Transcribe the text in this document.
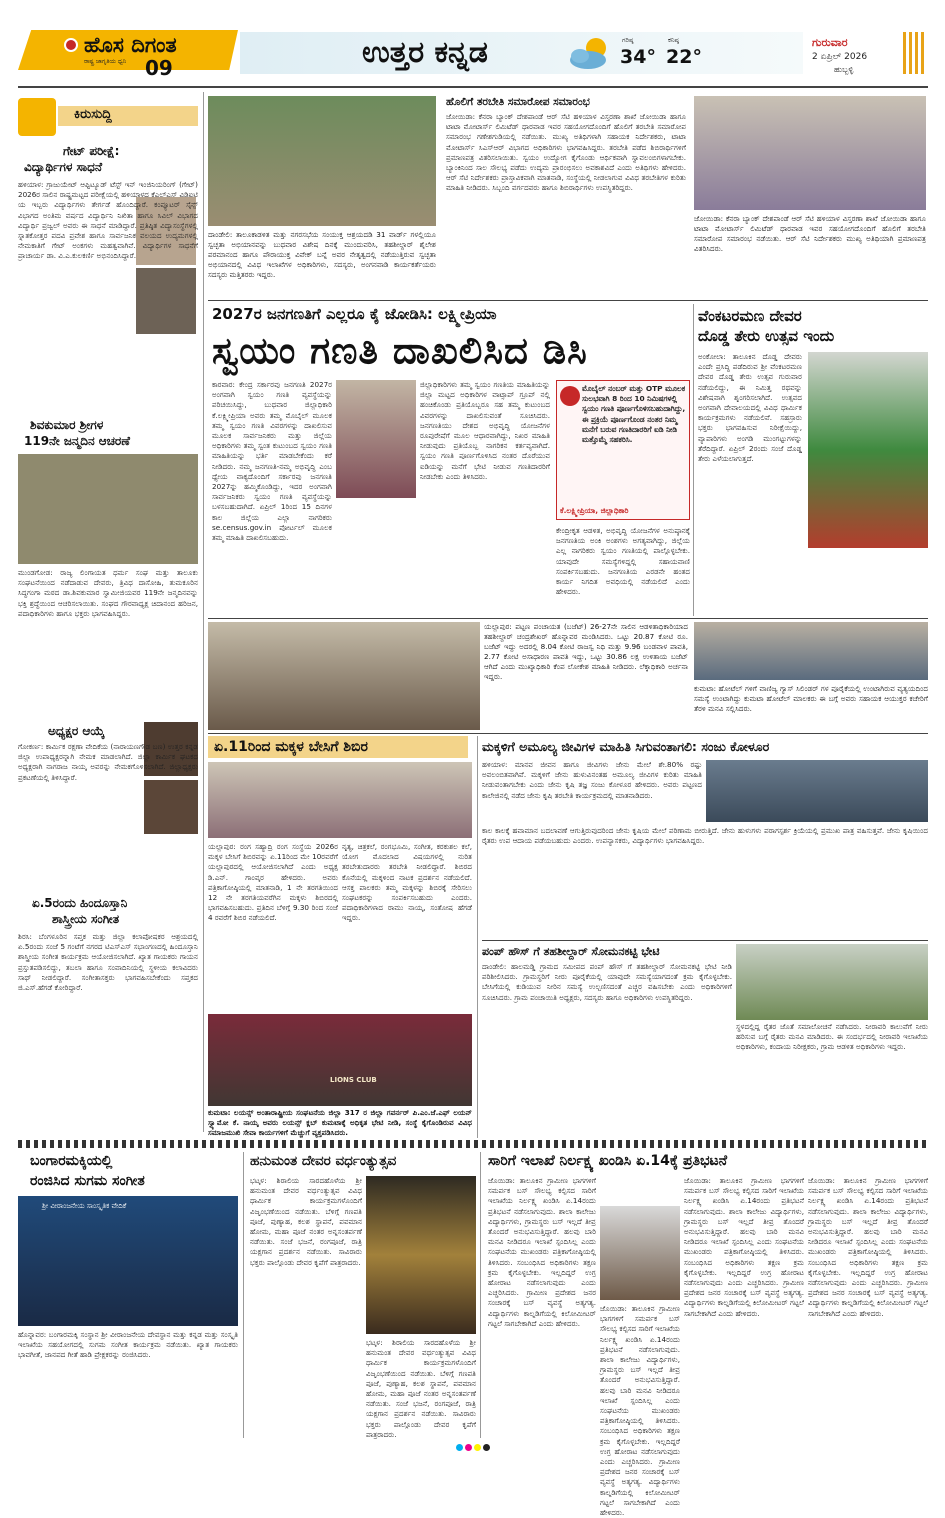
ಹೊಸ ದಿಗಂತ
ರಾಷ್ಟ್ರ ಜಾಗೃತಿಯ ಧ್ವನಿ 09	ಉತ್ತರ ಕನ್ನಡ	ಗರಿಷ್ಠ
34°
ಕನಿಷ್ಠ
22°
ಗುರುವಾರ
2 ಏಪ್ರಿಲ್ 2026
ಹುಬ್ಬಳ್ಳಿ
ಕಿರುಸುದ್ದಿ
ಗೇಟ್ ಪರೀಕ್ಷೆ:
ವಿದ್ಯಾರ್ಥಿಗಳ ಸಾಧನೆ
ಹಳಿಯಾಳ: ಗ್ರಾಜುಯೇಟ್ ಆಪ್ಟಿಟ್ಯೂಡ್ ಟೆಸ್ಟ್ ಇನ್ ಇಂಜಿನಿಯರಿಂಗ್ (ಗೇಟ್) 2026ರ ಸಾಲಿನ ರಾಷ್ಟ್ರಮಟ್ಟದ ಪರೀಕ್ಷೆಯಲ್ಲಿ ಹಳಿಯಾಳದ ಕೆಎಲ್ಎಸ್ ವಿಡಿಐಟಿ ಯ ಇಬ್ಬರು ವಿದ್ಯಾರ್ಥಿಗಳು ತೇರ್ಗಡೆ ಹೊಂದಿದ್ದಾರೆ. ಕಂಪ್ಯೂಟರ್ ಸೈನ್ಸ್ ವಿಭಾಗದ ಅಂತಿಮ ವರ್ಷದ ವಿದ್ಯಾರ್ಥಿನಿ ನಿಖಿತಾ ಹಾಗೂ ಸಿವಿಲ್ ವಿಭಾಗದ ವಿದ್ಯಾರ್ಥಿ ಪ್ರಜ್ವಲ್ ಅವರು ಈ ಸಾಧನೆ ಮಾಡಿದ್ದಾರೆ. ಪ್ರತಿಷ್ಠಿತ ವಿದ್ಯಾಸಂಸ್ಥೆಗಳಲ್ಲಿ ಸ್ನಾತಕೋತ್ತರ ಪದವಿ ಪ್ರವೇಶ ಹಾಗೂ ಸಾರ್ವಜನಿಕ ವಲಯದ ಉದ್ಯಮಗಳಲ್ಲಿ ನೇಮಕಾತಿಗೆ ಗೇಟ್ ಅಂಕಗಳು ಮಹತ್ವವಾಗಿವೆ. ವಿದ್ಯಾರ್ಥಿಗಳ ಸಾಧನೆಗೆ ಪ್ರಾಚಾರ್ಯ ಡಾ. ವಿ.ಎ.ಕುಲಕರ್ಣಿ ಅಭಿನಂದಿಸಿದ್ದಾರೆ.
ಶಿವಕುಮಾರ ಶ್ರೀಗಳ
119ನೇ ಜನ್ಮದಿನ ಆಚರಣೆ
ಮುಂಡಗೋಡ: ರಾಜ್ಯ ಲಿಂಗಾಯತ ಧರ್ಮ ಸಂಘ ಮತ್ತು ತಾಲೂಕು ಸಂಘಟನೆಯಿಂದ ನಡೆದಾಡುವ ದೇವರು, ತ್ರಿವಿಧ ದಾಸೋಹಿ, ತುಮಕೂರಿನ ಸಿದ್ಧಗಂಗಾ ಮಠದ ಡಾ.ಶಿವಕುಮಾರ ಸ್ವಾಮೀಜಿಯವರ 119ನೇ ಜನ್ಮದಿನವನ್ನು ಭಕ್ತಿ ಶ್ರದ್ಧೆಯಿಂದ ಆಚರಿಸಲಾಯಿತು. ಸಂಘದ ಗೌರವಾಧ್ಯಕ್ಷ ಚಿದಾನಂದ ಹರಿಜನ, ಪದಾಧಿಕಾರಿಗಳು ಹಾಗೂ ಭಕ್ತರು ಭಾಗವಹಿಸಿದ್ದರು.
ಅಧ್ಯಕ್ಷರ ಆಯ್ಕೆ
ಗೋಕರ್ಣ: ಕಾರ್ಮಿಕ ರಕ್ಷಣಾ ವೇದಿಕೆಯ (ನಾರಾಯಣಗೌಡ ಬಣ) ಉತ್ತರ ಕನ್ನಡ ಜಿಲ್ಲಾ ಉಪಾಧ್ಯಕ್ಷರನ್ನಾಗಿ ನೇಮಕ ಮಾಡಲಾಗಿದೆ. ಜಿಲ್ಲಾ ಕಾರ್ಮಿಕ ಘಟಕದ ಅಧ್ಯಕ್ಷರಾಗಿ ನಾಗರಾಜ ನಾಯ್ಕ ಅವರನ್ನು ನೇಮಕಗೊಳಿಸಲಾಗಿದೆ. ಜಿಲ್ಲಾಧ್ಯಕ್ಷರು ಪ್ರಕಟಣೆಯಲ್ಲಿ ತಿಳಿಸಿದ್ದಾರೆ.
ಏ.5ರಂದು ಹಿಂದೂಸ್ತಾನಿ
ಶಾಸ್ತ್ರೀಯ ಸಂಗೀತ
ಶಿರಸಿ: ಬೆಂಗಳೂರಿನ ಸಪ್ತಕ ಮತ್ತು ಜಿಲ್ಲಾ ಕಲಾಪೋಷಕರ ಆಶ್ರಯದಲ್ಲಿ ಏ.5ರಂದು ಸಂಜೆ 5 ಗಂಟೆಗೆ ನಗರದ ಟಿಎಸ್ಎಸ್ ಸಭಾಂಗಣದಲ್ಲಿ ಹಿಂದೂಸ್ತಾನಿ ಶಾಸ್ತ್ರೀಯ ಸಂಗೀತ ಕಾರ್ಯಕ್ರಮ ಆಯೋಜಿಸಲಾಗಿದೆ. ಖ್ಯಾತ ಗಾಯಕರು ಗಾಯನ ಪ್ರಸ್ತುತಪಡಿಸಲಿದ್ದು, ತಬಲಾ ಹಾಗೂ ಸಂವಾದಿನಿಯಲ್ಲಿ ಸ್ಥಳೀಯ ಕಲಾವಿದರು ಸಾಥ್ ನೀಡಲಿದ್ದಾರೆ. ಸಂಗೀತಾಸಕ್ತರು ಭಾಗವಹಿಸಬೇಕೆಂದು ಸಪ್ತಕದ ಜಿ.ಎಸ್.ಹೆಗಡೆ ಕೋರಿದ್ದಾರೆ.
ದಾಂಡೇಲಿ: ತಾಲೂಕಾಡಳಿತ ಮತ್ತು ನಗರಸಭೆಯ ಸಂಯುಕ್ತ ಆಶ್ರಯದಡಿ 31 ವಾರ್ಡ್ ಗಳಲ್ಲಿಯೂ ಸ್ವಚ್ಛತಾ ಅಭಿಯಾನವನ್ನು ಬುಧವಾರ ವಿಶೇಷ ದಿನಕ್ಕೆ ಮುಂದುವರಿಸಿ, ತಹಶೀಲ್ದಾರ್ ಶೈಲೇಶ ಪರಮಾನಂದ ಹಾಗೂ ಪೌರಾಯುಕ್ತ ವಿವೇಕ್ ಬನ್ನೆ ಅವರ ನೇತೃತ್ವದಲ್ಲಿ ನಡೆಯುತ್ತಿರುವ ಸ್ವಚ್ಛತಾ ಅಭಿಯಾನದಲ್ಲಿ ವಿವಿಧ ಇಲಾಖೆಗಳ ಅಧಿಕಾರಿಗಳು, ಸದಸ್ಯರು, ಅಂಗನವಾಡಿ ಕಾರ್ಯಕರ್ತೆಯರು ಸದಸ್ಯರು ಮತ್ತಿತರರು ಇದ್ದರು.
ಹೊಲಿಗೆ ತರಬೇತಿ ಸಮಾರೋಪ ಸಮಾರಂಭ
ಜೋಯಿಡಾ: ಕೆನರಾ ಬ್ಯಾಂಕ್ ದೇಶಪಾಂಡೆ ಆರ್ ಸೆಟಿ ಹಳಿಯಾಳ ವಿಸ್ತರಣಾ ಶಾಖೆ ಜೋಯಿಡಾ ಹಾಗೂ ಟಾಟಾ ಮೋಟಾರ್ಸ್ ಲಿಮಿಟೆಡ್ ಧಾರವಾಡ ಇವರ ಸಹಯೋಗದೊಂದಿಗೆ ಹೊಲಿಗೆ ತರಬೇತಿ ಸಮಾರೋಪ ಸಮಾರಂಭ ಗಣೇಶಗುಡಿಯಲ್ಲಿ ನಡೆಯಿತು. ಮುಖ್ಯ ಅತಿಥಿಗಳಾಗಿ ಸಹಾಯಕ ನಿರ್ದೇಶಕರು, ಟಾಟಾ ಮೋಟಾರ್ಸ್ ಸಿಎಸ್ಆರ್ ವಿಭಾಗದ ಅಧಿಕಾರಿಗಳು ಭಾಗವಹಿಸಿದ್ದರು. ತರಬೇತಿ ಪಡೆದ ಶಿಬಿರಾರ್ಥಿಗಳಿಗೆ ಪ್ರಮಾಣಪತ್ರ ವಿತರಿಸಲಾಯಿತು. ಸ್ವಯಂ ಉದ್ಯೋಗ ಕೈಗೊಂಡು ಆರ್ಥಿಕವಾಗಿ ಸ್ವಾವಲಂಬಿಗಳಾಗಬೇಕು. ಬ್ಯಾಂಕಿನಿಂದ ಸಾಲ ಸೌಲಭ್ಯ ಪಡೆದು ಉದ್ಯಮ ಪ್ರಾರಂಭಿಸಲು ಅವಕಾಶವಿದೆ ಎಂದು ಅತಿಥಿಗಳು ಹೇಳಿದರು. ಆರ್ ಸೆಟಿ ನಿರ್ದೇಶಕರು ಪ್ರಾಸ್ತಾವಿಕವಾಗಿ ಮಾತನಾಡಿ, ಸಂಸ್ಥೆಯಲ್ಲಿ ನೀಡಲಾಗುವ ವಿವಿಧ ತರಬೇತಿಗಳ ಕುರಿತು ಮಾಹಿತಿ ನೀಡಿದರು. ಸಿಬ್ಬಂದಿ ವರ್ಗದವರು ಹಾಗೂ ಶಿಬಿರಾರ್ಥಿಗಳು ಉಪಸ್ಥಿತರಿದ್ದರು.
ಜೋಯಿಡಾ: ಕೆನರಾ ಬ್ಯಾಂಕ್ ದೇಶಪಾಂಡೆ ಆರ್ ಸೆಟಿ ಹಳಿಯಾಳ ವಿಸ್ತರಣಾ ಶಾಖೆ ಜೋಯಿಡಾ ಹಾಗೂ ಟಾಟಾ ಮೋಟಾರ್ಸ್ ಲಿಮಿಟೆಡ್ ಧಾರವಾಡ ಇವರ ಸಹಯೋಗದೊಂದಿಗೆ ಹೊಲಿಗೆ ತರಬೇತಿ ಸಮಾರೋಪ ಸಮಾರಂಭ ನಡೆಯಿತು. ಆರ್ ಸೆಟಿ ನಿರ್ದೇಶಕರು ಮುಖ್ಯ ಅತಿಥಿಯಾಗಿ ಪ್ರಮಾಣಪತ್ರ ವಿತರಿಸಿದರು.
2027ರ ಜನಗಣತಿಗೆ ಎಲ್ಲರೂ ಕೈ ಜೋಡಿಸಿ: ಲಕ್ಷ್ಮೀಪ್ರಿಯಾ
ಸ್ವಯಂ ಗಣತಿ ದಾಖಲಿಸಿದ ಡಿಸಿ
ಕಾರವಾರ: ಕೇಂದ್ರ ಸರ್ಕಾರವು ಜನಗಣತಿ 2027ರ ಅಂಗವಾಗಿ ಸ್ವಯಂ ಗಣತಿ ವ್ಯವಸ್ಥೆಯನ್ನು ಪರಿಚಯಿಸಿದ್ದು, ಬುಧವಾರ ಜಿಲ್ಲಾಧಿಕಾರಿ ಕೆ.ಲಕ್ಷ್ಮೀಪ್ರಿಯಾ ಅವರು ತಮ್ಮ ಮೊಬೈಲ್ ಮೂಲಕ ತಮ್ಮ ಸ್ವಯಂ ಗಣತಿ ವಿವರಗಳನ್ನು ದಾಖಲಿಸುವ ಮೂಲಕ ಸಾರ್ವಜನಿಕರು ಮತ್ತು ಜಿಲ್ಲೆಯ ಅಧಿಕಾರಿಗಳು ತಮ್ಮ ಸ್ವಂತ ಕುಟುಂಬದ ಸ್ವಯಂ ಗಣತಿ ಮಾಹಿತಿಯನ್ನು ಭರ್ತಿ ಮಾಡಬೇಕೆಂದು ಕರೆ ನೀಡಿದರು. ನಮ್ಮ ಜನಗಣತಿ-ನಮ್ಮ ಅಭಿವೃದ್ಧಿ ಎಂಬ ಧ್ಯೇಯ ವಾಕ್ಯದೊಂದಿಗೆ ಸರ್ಕಾರವು ಜನಗಣತಿ 2027ನ್ನು ಹಮ್ಮಿಕೊಂಡಿದ್ದು, ಇದರ ಅಂಗವಾಗಿ ಸಾರ್ವಜನಿಕರು ಸ್ವಯಂ ಗಣತಿ ವ್ಯವಸ್ಥೆಯನ್ನು ಬಳಸಬಹುದಾಗಿದೆ. ಏಪ್ರಿಲ್ 1ರಿಂದ 15 ದಿನಗಳ ಕಾಲ ಜಿಲ್ಲೆಯ ಎಲ್ಲಾ ನಾಗರಿಕರು se.census.gov.in ಪೋರ್ಟಲ್ ಮೂಲಕ ತಮ್ಮ ಮಾಹಿತಿ ದಾಖಲಿಸಬಹುದು.
ಜಿಲ್ಲಾಧಿಕಾರಿಗಳು ತಮ್ಮ ಸ್ವಯಂ ಗಣತಿಯ ಮಾಹಿತಿಯನ್ನು ಜಿಲ್ಲಾ ಮಟ್ಟದ ಅಧಿಕಾರಿಗಳ ವಾಟ್ಸಾಪ್ ಗ್ರೂಪ್ ನಲ್ಲಿ ಹಂಚಿಕೊಂಡು ಪ್ರತಿಯೊಬ್ಬರೂ ಸಹ ತಮ್ಮ ಕುಟುಂಬದ ವಿವರಗಳನ್ನು ದಾಖಲಿಸುವಂತೆ ಸೂಚಿಸಿದರು. ಜನಗಣತಿಯು ದೇಶದ ಅಭಿವೃದ್ಧಿ ಯೋಜನೆಗಳ ರೂಪುರೇಷೆಗೆ ಮೂಲ ಆಧಾರವಾಗಿದ್ದು, ನಿಖರ ಮಾಹಿತಿ ನೀಡುವುದು ಪ್ರತಿಯೊಬ್ಬ ನಾಗರಿಕನ ಕರ್ತವ್ಯವಾಗಿದೆ. ಸ್ವಯಂ ಗಣತಿ ಪೂರ್ಣಗೊಳಿಸಿದ ನಂತರ ದೊರೆಯುವ ಐಡಿಯನ್ನು ಮನೆಗೆ ಭೇಟಿ ನೀಡುವ ಗಣತಿದಾರರಿಗೆ ನೀಡಬೇಕು ಎಂದು ತಿಳಿಸಿದರು.
ಮೊಬೈಲ್ ನಂಬರ್ ಮತ್ತು OTP ಮೂಲಕ ಸುಲಭವಾಗಿ 8 ರಿಂದ 10 ನಿಮಿಷಗಳಲ್ಲಿ ಸ್ವಯಂ ಗಣತಿ ಪೂರ್ಣಗೊಳಿಸಬಹುದಾಗಿದ್ದು, ಈ ಪ್ರಕ್ರಿಯೆ ಪೂರ್ಣಗೊಂಡ ನಂತರ ನಿಮ್ಮ ಮನೆಗೆ ಬರುವ ಗಣತಿದಾರರಿಗೆ ಐಡಿ ನೀಡಿ ಮತ್ತೊಮ್ಮೆ ಸಹಕರಿಸಿ.
ಕೆ.ಲಕ್ಷ್ಮೀಪ್ರಿಯಾ, ಜಿಲ್ಲಾಧಿಕಾರಿ
ಕೇಂದ್ರೀಕೃತ ಆಡಳಿತ, ಅಭಿವೃದ್ಧಿ ಯೋಜನೆಗಳ ಅನುಷ್ಠಾನಕ್ಕೆ ಜನಗಣತಿಯ ಅಂಕಿ ಅಂಶಗಳು ಅಗತ್ಯವಾಗಿದ್ದು, ಜಿಲ್ಲೆಯ ಎಲ್ಲ ನಾಗರಿಕರು ಸ್ವಯಂ ಗಣತಿಯಲ್ಲಿ ಪಾಲ್ಗೊಳ್ಳಬೇಕು. ಯಾವುದೇ ಸಮಸ್ಯೆಗಳಿದ್ದಲ್ಲಿ ಸಹಾಯವಾಣಿ ಸಂಪರ್ಕಿಸಬಹುದು. ಜನಗಣತಿಯ ಎರಡನೇ ಹಂತದ ಕಾರ್ಯ ನಿಗದಿತ ಅವಧಿಯಲ್ಲಿ ನಡೆಯಲಿದೆ ಎಂದು ಹೇಳಿದರು.
ವೆಂಕಟರಮಣ ದೇವರ
ದೊಡ್ಡ ತೇರು ಉತ್ಸವ ಇಂದು
ಅಂಕೋಲಾ: ತಾಲೂಕಿನ ದೊಡ್ಡ ದೇವರು ಎಂದೇ ಪ್ರಸಿದ್ಧಿ ಪಡೆದಿರುವ ಶ್ರೀ ವೆಂಕಟರಮಣ ದೇವರ ದೊಡ್ಡ ತೇರು ಉತ್ಸವ ಗುರುವಾರ ನಡೆಯಲಿದ್ದು, ಈ ನಿಮಿತ್ತ ರಥವನ್ನು ವಿಶೇಷವಾಗಿ ಶೃಂಗರಿಸಲಾಗಿದೆ. ಉತ್ಸವದ ಅಂಗವಾಗಿ ದೇವಾಲಯದಲ್ಲಿ ವಿವಿಧ ಧಾರ್ಮಿಕ ಕಾರ್ಯಕ್ರಮಗಳು ನಡೆಯಲಿವೆ. ಸಹಸ್ರಾರು ಭಕ್ತರು ಭಾಗವಹಿಸುವ ನಿರೀಕ್ಷೆಯಿದ್ದು, ವ್ಯಾಪಾರಿಗಳು ಅಂಗಡಿ ಮುಂಗಟ್ಟುಗಳನ್ನು ತೆರೆದಿದ್ದಾರೆ. ಏಪ್ರಿಲ್ 2ರಂದು ಸಂಜೆ ದೊಡ್ಡ ತೇರು ಎಳೆಯಲಾಗುತ್ತದೆ.
ಯಲ್ಲಾಪುರ: ಪಟ್ಟಣ ಪಂಚಾಯತ (ಬಜೆಟ್) 26-27ನೇ ಸಾಲಿನ ಆಡಳಿತಾಧಿಕಾರಿಯಾದ ತಹಶೀಲ್ದಾರ್ ಚಂದ್ರಶೇಖರ್ ಹೊನ್ನಾವರ ಮಂಡಿಸಿದರು. ಒಟ್ಟು 20.87 ಕೋಟಿ ರೂ. ಬಜೆಟ್ ಇದ್ದು ಅದರಲ್ಲಿ 8.04 ಕೋಟಿ ರಾಜಸ್ವ ನಿಧಿ ಮತ್ತು 9.96 ಬಂಡವಾಳ ಪಾವತಿ, 2.77 ಕೋಟಿ ಅಸಾಧಾರಣ ಪಾವತಿ ಇದ್ದು, ಒಟ್ಟು 30.86 ಲಕ್ಷ ಉಳಿತಾಯ ಬಜೆಟ್ ಆಗಿದೆ ಎಂದು ಮುಖ್ಯಾಧಿಕಾರಿ ಕೆಂಪ ಲೋಕೇಶ ಮಾಹಿತಿ ನೀಡಿದರು. ಲೆಕ್ಕಾಧಿಕಾರಿ ಅರ್ಚನಾ ಇದ್ದರು.
ಕುಮಟಾ: ಹೋಟೆಲ್ ಗಳಿಗೆ ವಾಣಿಜ್ಯ ಗ್ಯಾಸ್ ಸಿಲಿಂಡರ್ ಗಳ ಪೂರೈಕೆಯಲ್ಲಿ ಉಂಟಾಗಿರುವ ವ್ಯತ್ಯಯದಿಂದ ಸಮಸ್ಯೆ ಉಂಟಾಗಿದ್ದು ಕುಮಟಾ ಹೋಟೆಲ್ ಮಾಲಕರು ಈ ಬಗ್ಗೆ ಅವರು ಸಹಾಯಕ ಆಯುಕ್ತರ ಕಚೇರಿಗೆ ತೆರಳಿ ಮನವಿ ಸಲ್ಲಿಸಿದರು.
ಏ.11ರಿಂದ ಮಕ್ಕಳ ಬೇಸಿಗೆ ಶಿಬಿರ
ಯಲ್ಲಾಪುರ: ರಂಗ ಸಹ್ಯಾದ್ರಿ ರಂಗ ಸಂಸ್ಥೆಯ 2026ರ ಮಕ್ಕಳ ಬೇಸಿಗೆ ಶಿಬಿರವನ್ನು ಏ.11ರಿಂದ ಮೇ 10ರವರೆಗೆ ಯಲ್ಲಾಪುರದಲ್ಲಿ ಆಯೋಜಿಸಲಾಗಿದೆ ಎಂದು ಅಧ್ಯಕ್ಷ ಡಿ.ಎನ್. ಗಾಂವ್ಕರ ಹೇಳಿದರು. ಅವರು ಪತ್ರಿಕಾಗೋಷ್ಠಿಯಲ್ಲಿ ಮಾತನಾಡಿ, 1 ನೇ ತರಗತಿಯಿಂದ 12 ನೇ ತರಗತಿಯವರೆಗಿನ ಮಕ್ಕಳು ಶಿಬಿರದಲ್ಲಿ ಭಾಗವಹಿಸಬಹುದು. ಪ್ರತಿದಿನ ಬೆಳಿಗ್ಗೆ 9.30 ರಿಂದ ಸಂಜೆ 4 ರವರೆಗೆ ಶಿಬಿರ ನಡೆಯಲಿದೆ.
ನೃತ್ಯ, ಚಿತ್ರಕಲೆ, ರಂಗಭೂಮಿ, ಸಂಗೀತ, ಕರಕುಶಲ ಕಲೆ, ಯೋಗ ಮೊದಲಾದ ವಿಷಯಗಳಲ್ಲಿ ನುರಿತ ತರಬೇತುದಾರರು ತರಬೇತಿ ನೀಡಲಿದ್ದಾರೆ. ಶಿಬಿರದ ಕೊನೆಯಲ್ಲಿ ಮಕ್ಕಳಿಂದ ನಾಟಕ ಪ್ರದರ್ಶನ ನಡೆಯಲಿದೆ. ಆಸಕ್ತ ಪಾಲಕರು ತಮ್ಮ ಮಕ್ಕಳನ್ನು ಶಿಬಿರಕ್ಕೆ ಸೇರಿಸಲು ಸಂಘಟಕರನ್ನು ಸಂಪರ್ಕಿಸಬಹುದು ಎಂದರು. ಪದಾಧಿಕಾರಿಗಳಾದ ರಾಮು ನಾಯ್ಕ, ಸಂತೋಷ ಹೆಗಡೆ ಇದ್ದರು.
LIONS CLUB
ಕುಮಟಾ: ಲಯನ್ಸ್ ಅಂತಾರಾಷ್ಟ್ರೀಯ ಸಂಘಟನೆಯ ಜಿಲ್ಲಾ 317 ರ ಜಿಲ್ಲಾ ಗವರ್ನರ್ ಪಿ.ಎಂ.ಜೆ.ಎಫ್ ಲಯನ್ ಸ್ವ್ಯಾಮೋ ಕೆ. ನಾಯ್ಕ ಅವರು ಲಯನ್ಸ್ ಕ್ಲಬ್ ಕುಮಟಾಕ್ಕೆ ಅಧಿಕೃತ ಭೇಟಿ ನೀಡಿ, ಸಂಸ್ಥೆ ಕೈಗೊಂಡಿರುವ ವಿವಿಧ ಸಮಾಜಮುಖಿ ಸೇವಾ ಕಾರ್ಯಗಳಿಗೆ ಮೆಚ್ಚುಗೆ ವ್ಯಕ್ತಪಡಿಸಿದರು.
ಮಕ್ಕಳಿಗೆ ಅಮೂಲ್ಯ ಜೀವಿಗಳ ಮಾಹಿತಿ ಸಿಗುವಂತಾಗಲಿ: ಸಂಜು ಕೋಳೂರ
ಹಳಿಯಾಳ: ಮಾನವ ಜೀವನ ಹಾಗೂ ಜೀವಿಗಳು ಜೇನು ಮೇಲೆ ಶೇ.80% ರಷ್ಟು ಅವಲಂಬಿತವಾಗಿವೆ. ಮಕ್ಕಳಿಗೆ ಜೇನು ಹುಳುವಿನಂತಹ ಅಮೂಲ್ಯ ಜೀವಿಗಳ ಕುರಿತು ಮಾಹಿತಿ ನೀಡುವಂತಾಗಬೇಕು ಎಂದು ಜೇನು ಕೃಷಿ ತಜ್ಞ ಸಂಜು ಕೋಳೂರ ಹೇಳಿದರು. ಅವರು ಪಟ್ಟಣದ ಕಾಲೇಜಿನಲ್ಲಿ ನಡೆದ ಜೇನು ಕೃಷಿ ತರಬೇತಿ ಕಾರ್ಯಕ್ರಮದಲ್ಲಿ ಮಾತನಾಡಿದರು.
ಕಾಲ ಕಾಲಕ್ಕೆ ಹವಾಮಾನ ಬದಲಾವಣೆ ಆಗುತ್ತಿರುವುದರಿಂದ ಜೇನು ಕೃಷಿಯ ಮೇಲೆ ಪರಿಣಾಮ ಬೀರುತ್ತಿದೆ. ಜೇನು ಹುಳುಗಳು ಪರಾಗಸ್ಪರ್ಶ ಕ್ರಿಯೆಯಲ್ಲಿ ಪ್ರಮುಖ ಪಾತ್ರ ವಹಿಸುತ್ತವೆ. ಜೇನು ಕೃಷಿಯಿಂದ ರೈತರು ಉಪ ಆದಾಯ ಪಡೆಯಬಹುದು ಎಂದರು. ಉಪನ್ಯಾಸಕರು, ವಿದ್ಯಾರ್ಥಿಗಳು ಭಾಗವಹಿಸಿದ್ದರು.
ಪಂಪ್ ಹೌಸ್ ಗೆ ತಹಶೀಲ್ದಾರ್ ಸೋಮನಕಟ್ಟಿ ಭೇಟಿ
ದಾಂಡೇಲಿ: ಹಾಲಮಡ್ಡಿ ಗ್ರಾಮದ ಸಮೀಪದ ಪಂಪ್ ಹೌಸ್ ಗೆ ತಹಶೀಲ್ದಾರ್ ಸೋಮನಕಟ್ಟಿ ಭೇಟಿ ನೀಡಿ ಪರಿಶೀಲಿಸಿದರು. ಗ್ರಾಮಸ್ಥರಿಗೆ ನೀರು ಪೂರೈಕೆಯಲ್ಲಿ ಯಾವುದೇ ಸಮಸ್ಯೆಯಾಗದಂತೆ ಕ್ರಮ ಕೈಗೊಳ್ಳಬೇಕು. ಬೇಸಿಗೆಯಲ್ಲಿ ಕುಡಿಯುವ ನೀರಿನ ಸಮಸ್ಯೆ ಉಲ್ಬಣಿಸದಂತೆ ಎಚ್ಚರ ವಹಿಸಬೇಕು ಎಂದು ಅಧಿಕಾರಿಗಳಿಗೆ ಸೂಚಿಸಿದರು. ಗ್ರಾಮ ಪಂಚಾಯಿತಿ ಅಧ್ಯಕ್ಷರು, ಸದಸ್ಯರು ಹಾಗೂ ಅಧಿಕಾರಿಗಳು ಉಪಸ್ಥಿತರಿದ್ದರು.
ಸ್ಥಳದಲ್ಲಿದ್ದ ರೈತರ ಜೊತೆ ಸಮಾಲೋಚನೆ ನಡೆಸಿದರು. ನೀರಾವರಿ ಕಾಲುವೆಗೆ ನೀರು ಹರಿಸುವ ಬಗ್ಗೆ ರೈತರು ಮನವಿ ಮಾಡಿದರು. ಈ ಸಂದರ್ಭದಲ್ಲಿ ನೀರಾವರಿ ಇಲಾಖೆಯ ಅಧಿಕಾರಿಗಳು, ಕಂದಾಯ ನಿರೀಕ್ಷಕರು, ಗ್ರಾಮ ಆಡಳಿತ ಅಧಿಕಾರಿಗಳು ಇದ್ದರು.
ಬಂಗಾರಮಕ್ಕಿಯಲ್ಲಿ
ರಂಜಿಸಿದ ಸುಗಮ ಸಂಗೀತ
ಶ್ರೀ ವೀರಾಂಜನೇಯ ಸಾಂಸ್ಕೃತಿಕ ವೇದಿಕೆ
ಹೊನ್ನಾವರ: ಬಂಗಾರಮಕ್ಕಿ ಸಂಸ್ಥಾನ ಶ್ರೀ ವೀರಾಂಜನೇಯ ದೇವಸ್ಥಾನ ಮತ್ತು ಕನ್ನಡ ಮತ್ತು ಸಂಸ್ಕೃತಿ ಇಲಾಖೆಯ ಸಹಯೋಗದಲ್ಲಿ ಸುಗಮ ಸಂಗೀತ ಕಾರ್ಯಕ್ರಮ ನಡೆಯಿತು. ಖ್ಯಾತ ಗಾಯಕರು ಭಾವಗೀತೆ, ಜಾನಪದ ಗೀತೆ ಹಾಡಿ ಪ್ರೇಕ್ಷಕರನ್ನು ರಂಜಿಸಿದರು.
ಹನುಮಂತ ದೇವರ ವರ್ಧಂತ್ಯುತ್ಸವ
ಭಟ್ಕಳ: ಶಿರಾಲಿಯ ಸಾರದಹೊಳೆಯ ಶ್ರೀ ಹನುಮಂತ ದೇವರ ವರ್ಧಂತ್ಯುತ್ಸವ ವಿವಿಧ ಧಾರ್ಮಿಕ ಕಾರ್ಯಕ್ರಮಗಳೊಂದಿಗೆ ವಿಜೃಂಭಣೆಯಿಂದ ನಡೆಯಿತು. ಬೆಳಿಗ್ಗೆ ಗಣಪತಿ ಪೂಜೆ, ಪುಣ್ಯಾಹ, ಕಲಶ ಸ್ಥಾಪನೆ, ಪವಮಾನ ಹೋಮ, ಮಹಾ ಪೂಜೆ ನಂತರ ಅನ್ನಸಂತರ್ಪಣೆ ನಡೆಯಿತು. ಸಂಜೆ ಭಜನೆ, ರಂಗಪೂಜೆ, ರಾತ್ರಿ ಯಕ್ಷಗಾನ ಪ್ರದರ್ಶನ ನಡೆಯಿತು. ಸಾವಿರಾರು ಭಕ್ತರು ಪಾಲ್ಗೊಂಡು ದೇವರ ಕೃಪೆಗೆ ಪಾತ್ರರಾದರು.
ಭಟ್ಕಳ: ಶಿರಾಲಿಯ ಸಾರದಹೊಳೆಯ ಶ್ರೀ ಹನುಮಂತ ದೇವರ ವರ್ಧಂತ್ಯುತ್ಸವ ವಿವಿಧ ಧಾರ್ಮಿಕ ಕಾರ್ಯಕ್ರಮಗಳೊಂದಿಗೆ ವಿಜೃಂಭಣೆಯಿಂದ ನಡೆಯಿತು. ಬೆಳಿಗ್ಗೆ ಗಣಪತಿ ಪೂಜೆ, ಪುಣ್ಯಾಹ, ಕಲಶ ಸ್ಥಾಪನೆ, ಪವಮಾನ ಹೋಮ, ಮಹಾ ಪೂಜೆ ನಂತರ ಅನ್ನಸಂತರ್ಪಣೆ ನಡೆಯಿತು. ಸಂಜೆ ಭಜನೆ, ರಂಗಪೂಜೆ, ರಾತ್ರಿ ಯಕ್ಷಗಾನ ಪ್ರದರ್ಶನ ನಡೆಯಿತು. ಸಾವಿರಾರು ಭಕ್ತರು ಪಾಲ್ಗೊಂಡು ದೇವರ ಕೃಪೆಗೆ ಪಾತ್ರರಾದರು.
ಸಾರಿಗೆ ಇಲಾಖೆ ನಿರ್ಲಕ್ಷ್ಯ ಖಂಡಿಸಿ ಏ.14ಕ್ಕೆ ಪ್ರತಿಭಟನೆ
ಜೊಯಿಡಾ: ತಾಲೂಕಿನ ಗ್ರಾಮೀಣ ಭಾಗಗಳಿಗೆ ಸಮರ್ಪಕ ಬಸ್ ಸೌಲಭ್ಯ ಕಲ್ಪಿಸದ ಸಾರಿಗೆ ಇಲಾಖೆಯ ನಿರ್ಲಕ್ಷ್ಯ ಖಂಡಿಸಿ ಏ.14ರಂದು ಪ್ರತಿಭಟನೆ ನಡೆಸಲಾಗುವುದು. ಶಾಲಾ ಕಾಲೇಜು ವಿದ್ಯಾರ್ಥಿಗಳು, ಗ್ರಾಮಸ್ಥರು ಬಸ್ ಇಲ್ಲದೆ ತೀವ್ರ ತೊಂದರೆ ಅನುಭವಿಸುತ್ತಿದ್ದಾರೆ. ಹಲವು ಬಾರಿ ಮನವಿ ನೀಡಿದರೂ ಇಲಾಖೆ ಸ್ಪಂದಿಸಿಲ್ಲ ಎಂದು ಸಂಘಟನೆಯ ಮುಖಂಡರು ಪತ್ರಿಕಾಗೋಷ್ಠಿಯಲ್ಲಿ ತಿಳಿಸಿದರು. ಸಂಬಂಧಿಸಿದ ಅಧಿಕಾರಿಗಳು ತಕ್ಷಣ ಕ್ರಮ ಕೈಗೊಳ್ಳಬೇಕು. ಇಲ್ಲದಿದ್ದರೆ ಉಗ್ರ ಹೋರಾಟ ನಡೆಸಲಾಗುವುದು ಎಂದು ಎಚ್ಚರಿಸಿದರು. ಗ್ರಾಮೀಣ ಪ್ರದೇಶದ ಜನರ ಸಂಚಾರಕ್ಕೆ ಬಸ್ ವ್ಯವಸ್ಥೆ ಅತ್ಯಗತ್ಯ. ವಿದ್ಯಾರ್ಥಿಗಳು ಕಾಲ್ನಡಿಗೆಯಲ್ಲಿ ಕಿಲೋಮೀಟರ್ ಗಟ್ಟಲೆ ಸಾಗಬೇಕಾಗಿದೆ ಎಂದು ಹೇಳಿದರು.
ಜೊಯಿಡಾ: ತಾಲೂಕಿನ ಗ್ರಾಮೀಣ ಭಾಗಗಳಿಗೆ ಸಮರ್ಪಕ ಬಸ್ ಸೌಲಭ್ಯ ಕಲ್ಪಿಸದ ಸಾರಿಗೆ ಇಲಾಖೆಯ ನಿರ್ಲಕ್ಷ್ಯ ಖಂಡಿಸಿ ಏ.14ರಂದು ಪ್ರತಿಭಟನೆ ನಡೆಸಲಾಗುವುದು. ಶಾಲಾ ಕಾಲೇಜು ವಿದ್ಯಾರ್ಥಿಗಳು, ಗ್ರಾಮಸ್ಥರು ಬಸ್ ಇಲ್ಲದೆ ತೀವ್ರ ತೊಂದರೆ ಅನುಭವಿಸುತ್ತಿದ್ದಾರೆ. ಹಲವು ಬಾರಿ ಮನವಿ ನೀಡಿದರೂ ಇಲಾಖೆ ಸ್ಪಂದಿಸಿಲ್ಲ ಎಂದು ಸಂಘಟನೆಯ ಮುಖಂಡರು ಪತ್ರಿಕಾಗೋಷ್ಠಿಯಲ್ಲಿ ತಿಳಿಸಿದರು. ಸಂಬಂಧಿಸಿದ ಅಧಿಕಾರಿಗಳು ತಕ್ಷಣ ಕ್ರಮ ಕೈಗೊಳ್ಳಬೇಕು. ಇಲ್ಲದಿದ್ದರೆ ಉಗ್ರ ಹೋರಾಟ ನಡೆಸಲಾಗುವುದು ಎಂದು ಎಚ್ಚರಿಸಿದರು. ಗ್ರಾಮೀಣ ಪ್ರದೇಶದ ಜನರ ಸಂಚಾರಕ್ಕೆ ಬಸ್ ವ್ಯವಸ್ಥೆ ಅತ್ಯಗತ್ಯ. ವಿದ್ಯಾರ್ಥಿಗಳು ಕಾಲ್ನಡಿಗೆಯಲ್ಲಿ ಕಿಲೋಮೀಟರ್ ಗಟ್ಟಲೆ ಸಾಗಬೇಕಾಗಿದೆ ಎಂದು ಹೇಳಿದರು.
ಜೊಯಿಡಾ: ತಾಲೂಕಿನ ಗ್ರಾಮೀಣ ಭಾಗಗಳಿಗೆ ಸಮರ್ಪಕ ಬಸ್ ಸೌಲಭ್ಯ ಕಲ್ಪಿಸದ ಸಾರಿಗೆ ಇಲಾಖೆಯ ನಿರ್ಲಕ್ಷ್ಯ ಖಂಡಿಸಿ ಏ.14ರಂದು ಪ್ರತಿಭಟನೆ ನಡೆಸಲಾಗುವುದು. ಶಾಲಾ ಕಾಲೇಜು ವಿದ್ಯಾರ್ಥಿಗಳು, ಗ್ರಾಮಸ್ಥರು ಬಸ್ ಇಲ್ಲದೆ ತೀವ್ರ ತೊಂದರೆ ಅನುಭವಿಸುತ್ತಿದ್ದಾರೆ. ಹಲವು ಬಾರಿ ಮನವಿ ನೀಡಿದರೂ ಇಲಾಖೆ ಸ್ಪಂದಿಸಿಲ್ಲ ಎಂದು ಸಂಘಟನೆಯ ಮುಖಂಡರು ಪತ್ರಿಕಾಗೋಷ್ಠಿಯಲ್ಲಿ ತಿಳಿಸಿದರು. ಸಂಬಂಧಿಸಿದ ಅಧಿಕಾರಿಗಳು ತಕ್ಷಣ ಕ್ರಮ ಕೈಗೊಳ್ಳಬೇಕು. ಇಲ್ಲದಿದ್ದರೆ ಉಗ್ರ ಹೋರಾಟ ನಡೆಸಲಾಗುವುದು ಎಂದು ಎಚ್ಚರಿಸಿದರು. ಗ್ರಾಮೀಣ ಪ್ರದೇಶದ ಜನರ ಸಂಚಾರಕ್ಕೆ ಬಸ್ ವ್ಯವಸ್ಥೆ ಅತ್ಯಗತ್ಯ. ವಿದ್ಯಾರ್ಥಿಗಳು ಕಾಲ್ನಡಿಗೆಯಲ್ಲಿ ಕಿಲೋಮೀಟರ್ ಗಟ್ಟಲೆ ಸಾಗಬೇಕಾಗಿದೆ ಎಂದು ಹೇಳಿದರು.
ಜೊಯಿಡಾ: ತಾಲೂಕಿನ ಗ್ರಾಮೀಣ ಭಾಗಗಳಿಗೆ ಸಮರ್ಪಕ ಬಸ್ ಸೌಲಭ್ಯ ಕಲ್ಪಿಸದ ಸಾರಿಗೆ ಇಲಾಖೆಯ ನಿರ್ಲಕ್ಷ್ಯ ಖಂಡಿಸಿ ಏ.14ರಂದು ಪ್ರತಿಭಟನೆ ನಡೆಸಲಾಗುವುದು. ಶಾಲಾ ಕಾಲೇಜು ವಿದ್ಯಾರ್ಥಿಗಳು, ಗ್ರಾಮಸ್ಥರು ಬಸ್ ಇಲ್ಲದೆ ತೀವ್ರ ತೊಂದರೆ ಅನುಭವಿಸುತ್ತಿದ್ದಾರೆ. ಹಲವು ಬಾರಿ ಮನವಿ ನೀಡಿದರೂ ಇಲಾಖೆ ಸ್ಪಂದಿಸಿಲ್ಲ ಎಂದು ಸಂಘಟನೆಯ ಮುಖಂಡರು ಪತ್ರಿಕಾಗೋಷ್ಠಿಯಲ್ಲಿ ತಿಳಿಸಿದರು. ಸಂಬಂಧಿಸಿದ ಅಧಿಕಾರಿಗಳು ತಕ್ಷಣ ಕ್ರಮ ಕೈಗೊಳ್ಳಬೇಕು. ಇಲ್ಲದಿದ್ದರೆ ಉಗ್ರ ಹೋರಾಟ ನಡೆಸಲಾಗುವುದು ಎಂದು ಎಚ್ಚರಿಸಿದರು. ಗ್ರಾಮೀಣ ಪ್ರದೇಶದ ಜನರ ಸಂಚಾರಕ್ಕೆ ಬಸ್ ವ್ಯವಸ್ಥೆ ಅತ್ಯಗತ್ಯ. ವಿದ್ಯಾರ್ಥಿಗಳು ಕಾಲ್ನಡಿಗೆಯಲ್ಲಿ ಕಿಲೋಮೀಟರ್ ಗಟ್ಟಲೆ ಸಾಗಬೇಕಾಗಿದೆ ಎಂದು ಹೇಳಿದರು.
